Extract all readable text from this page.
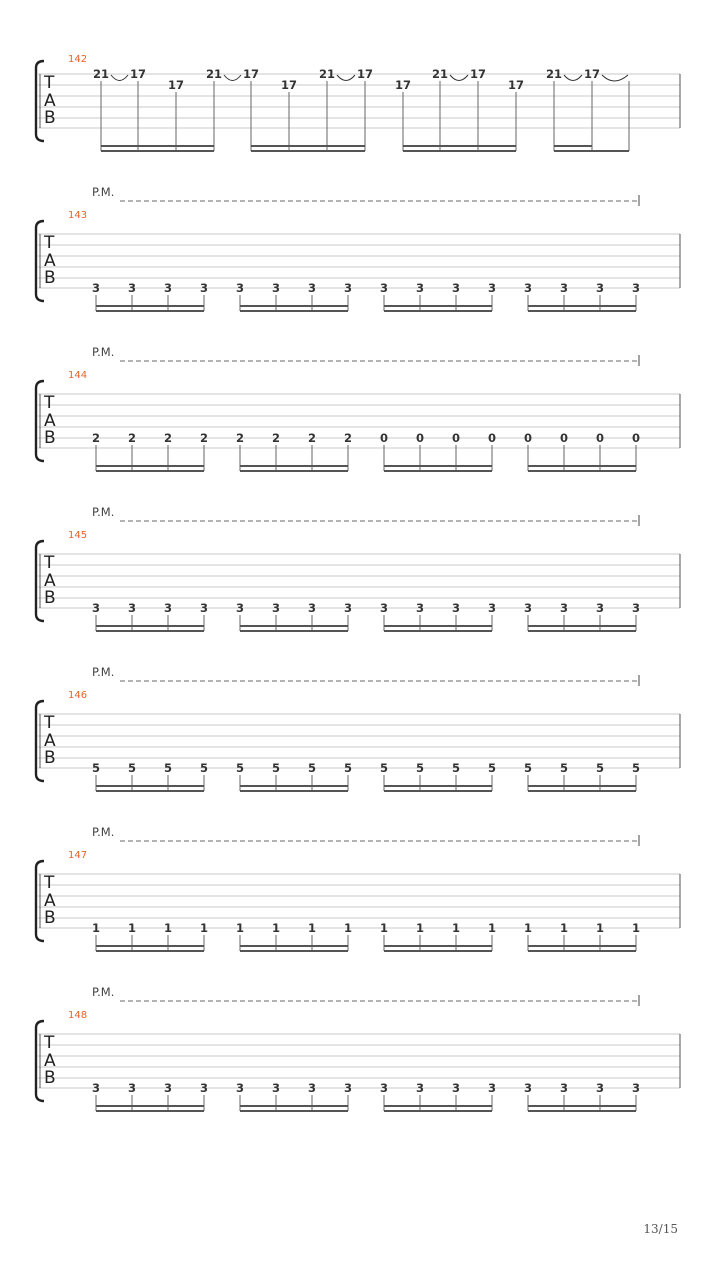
142
T
A
B
21 17
17
21 17
17
21 17
17
21 17
17
21 17
P.M.
143
T
A
B	3 3 3 3 3 3 3 3 3 3 3 3 3 3 3 3
P.M.
144
T
A
B	2 2 2 2 2 2 2 2 0 0 0 0 0 0 0 0
P.M.
145
T
A
B	3 3 3 3 3 3 3 3 3 3 3 3 3 3 3 3
P.M.
146
T
A
B	5 5 5 5 5 5 5 5 5 5 5 5 5 5 5 5
P.M.
147
T
A
B	1 1 1 1 1 1 1 1 1 1 1 1 1 1 1 1
P.M.
148
T
A
B	3 3 3 3 3 3 3 3 3 3 3 3 3 3 3 3
13/15
